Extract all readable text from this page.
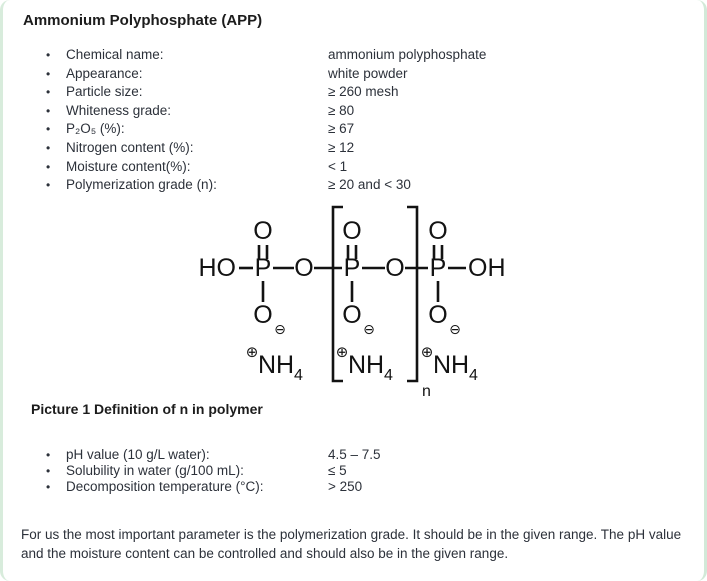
Ammonium Polyphosphate (APP)
•	Chemical name:	ammonium polyphosphate
•	Appearance:	white powder
•	Particle size:	≥ 260 mesh
•	Whiteness grade:	≥ 80
•	P₂O₅ (%):	≥ 67
•	Nitrogen content (%):	≥ 12
•	Moisture content(%):	< 1
•	Polymerization grade (n):	≥ 20 and < 30
n
O	O	O
HO P O P O P OH
O	O	O
⊖	⊖	⊖
⊕ NH 4
⊕ NH 4
⊕ NH 4
Picture 1 Definition of n in polymer
•	pH value (10 g/L water):	4.5 – 7.5
•	Solubility in water (g/100 mL):	≤ 5
•	Decomposition temperature (°C):	> 250

For us the most important parameter is the polymerization grade. It should be in the given range. The pH value and the moisture content can be controlled and should also be in the given range.
